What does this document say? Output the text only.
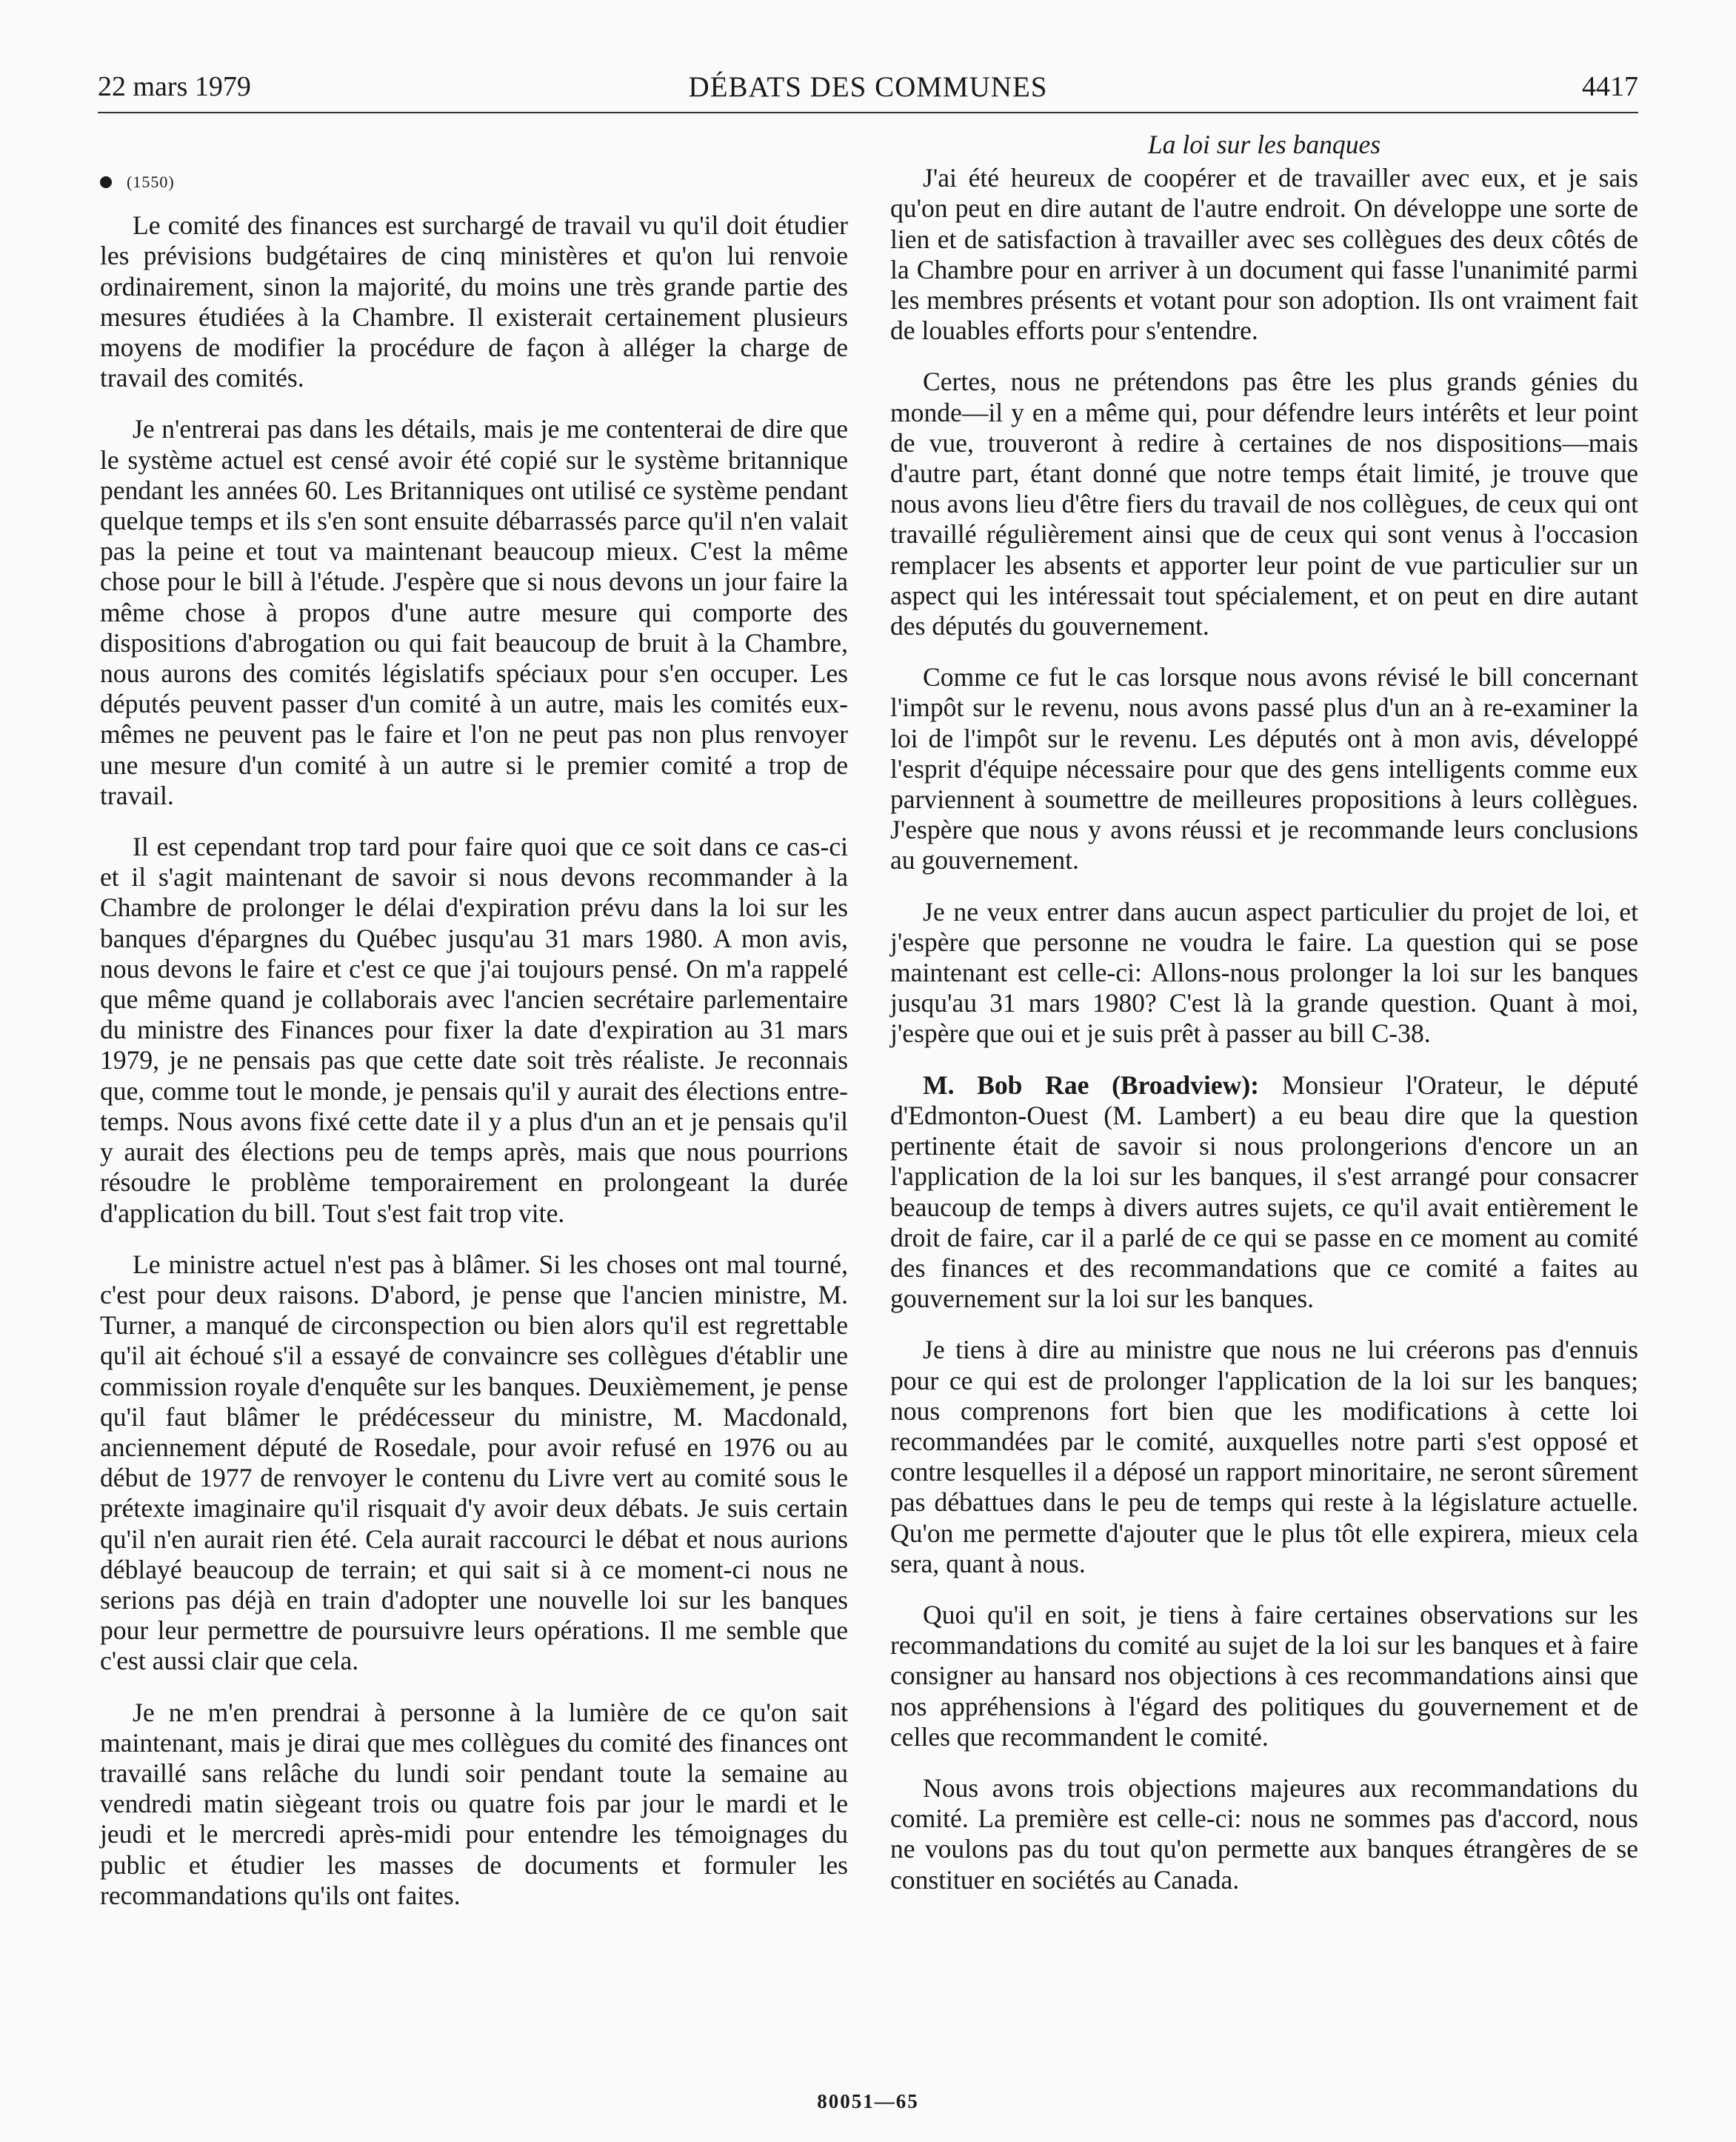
22 mars 1979	DÉBATS DES COMMUNES	4417
(1550)

Le comité des finances est surchargé de travail vu qu'il doit étudier les prévisions budgétaires de cinq ministères et qu'on lui renvoie ordinairement, sinon la majorité, du moins une très grande partie des mesures étudiées à la Chambre. Il existerait certainement plusieurs moyens de modifier la procédure de façon à alléger la charge de travail des comités.

Je n'entrerai pas dans les détails, mais je me contenterai de dire que le système actuel est censé avoir été copié sur le système britannique pendant les années 60. Les Britanniques ont utilisé ce système pendant quelque temps et ils s'en sont ensuite débarrassés parce qu'il n'en valait pas la peine et tout va maintenant beaucoup mieux. C'est la même chose pour le bill à l'étude. J'espère que si nous devons un jour faire la même chose à propos d'une autre mesure qui comporte des dispositions d'abrogation ou qui fait beaucoup de bruit à la Chambre, nous aurons des comités législatifs spéciaux pour s'en occuper. Les députés peuvent passer d'un comité à un autre, mais les comités eux-mêmes ne peuvent pas le faire et l'on ne peut pas non plus renvoyer une mesure d'un comité à un autre si le premier comité a trop de travail.

Il est cependant trop tard pour faire quoi que ce soit dans ce cas-ci et il s'agit maintenant de savoir si nous devons recommander à la Chambre de prolonger le délai d'expiration prévu dans la loi sur les banques d'épargnes du Québec jusqu'au 31 mars 1980. A mon avis, nous devons le faire et c'est ce que j'ai toujours pensé. On m'a rappelé que même quand je collaborais avec l'ancien secrétaire parlementaire du ministre des Finances pour fixer la date d'expiration au 31 mars 1979, je ne pensais pas que cette date soit très réaliste. Je reconnais que, comme tout le monde, je pensais qu'il y aurait des élections entre-temps. Nous avons fixé cette date il y a plus d'un an et je pensais qu'il y aurait des élections peu de temps après, mais que nous pourrions résoudre le problème temporairement en prolongeant la durée d'application du bill. Tout s'est fait trop vite.

Le ministre actuel n'est pas à blâmer. Si les choses ont mal tourné, c'est pour deux raisons. D'abord, je pense que l'ancien ministre, M. Turner, a manqué de circonspection ou bien alors qu'il est regrettable qu'il ait échoué s'il a essayé de convaincre ses collègues d'établir une commission royale d'enquête sur les banques. Deuxièmement, je pense qu'il faut blâmer le prédécesseur du ministre, M. Macdonald, anciennement député de Rosedale, pour avoir refusé en 1976 ou au début de 1977 de renvoyer le contenu du Livre vert au comité sous le prétexte imaginaire qu'il risquait d'y avoir deux débats. Je suis certain qu'il n'en aurait rien été. Cela aurait raccourci le débat et nous aurions déblayé beaucoup de terrain; et qui sait si à ce moment-ci nous ne serions pas déjà en train d'adopter une nouvelle loi sur les banques pour leur permettre de poursuivre leurs opérations. Il me semble que c'est aussi clair que cela.

Je ne m'en prendrai à personne à la lumière de ce qu'on sait maintenant, mais je dirai que mes collègues du comité des finances ont travaillé sans relâche du lundi soir pendant toute la semaine au vendredi matin siègeant trois ou quatre fois par jour le mardi et le jeudi et le mercredi après-midi pour entendre les témoignages du public et étudier les masses de documents et formuler les recommandations qu'ils ont faites.

La loi sur les banques

J'ai été heureux de coopérer et de travailler avec eux, et je sais qu'on peut en dire autant de l'autre endroit. On développe une sorte de lien et de satisfaction à travailler avec ses collègues des deux côtés de la Chambre pour en arriver à un document qui fasse l'unanimité parmi les membres présents et votant pour son adoption. Ils ont vraiment fait de louables efforts pour s'entendre.

Certes, nous ne prétendons pas être les plus grands génies du monde—il y en a même qui, pour défendre leurs intérêts et leur point de vue, trouveront à redire à certaines de nos dispositions—mais d'autre part, étant donné que notre temps était limité, je trouve que nous avons lieu d'être fiers du travail de nos collègues, de ceux qui ont travaillé régulièrement ainsi que de ceux qui sont venus à l'occasion remplacer les absents et apporter leur point de vue particulier sur un aspect qui les intéressait tout spécialement, et on peut en dire autant des députés du gouvernement.

Comme ce fut le cas lorsque nous avons révisé le bill concernant l'impôt sur le revenu, nous avons passé plus d'un an à re-examiner la loi de l'impôt sur le revenu. Les députés ont à mon avis, développé l'esprit d'équipe nécessaire pour que des gens intelligents comme eux parviennent à soumettre de meilleures propositions à leurs collègues. J'espère que nous y avons réussi et je recommande leurs conclusions au gouvernement.

Je ne veux entrer dans aucun aspect particulier du projet de loi, et j'espère que personne ne voudra le faire. La question qui se pose maintenant est celle-ci: Allons-nous prolonger la loi sur les banques jusqu'au 31 mars 1980? C'est là la grande question. Quant à moi, j'espère que oui et je suis prêt à passer au bill C-38.

M. Bob Rae (Broadview): Monsieur l'Orateur, le député d'Edmonton-Ouest (M. Lambert) a eu beau dire que la question pertinente était de savoir si nous prolongerions d'encore un an l'application de la loi sur les banques, il s'est arrangé pour consacrer beaucoup de temps à divers autres sujets, ce qu'il avait entièrement le droit de faire, car il a parlé de ce qui se passe en ce moment au comité des finances et des recommandations que ce comité a faites au gouvernement sur la loi sur les banques.

Je tiens à dire au ministre que nous ne lui créerons pas d'ennuis pour ce qui est de prolonger l'application de la loi sur les banques; nous comprenons fort bien que les modifications à cette loi recommandées par le comité, auxquelles notre parti s'est opposé et contre lesquelles il a déposé un rapport minoritaire, ne seront sûrement pas débattues dans le peu de temps qui reste à la législature actuelle. Qu'on me permette d'ajouter que le plus tôt elle expirera, mieux cela sera, quant à nous.

Quoi qu'il en soit, je tiens à faire certaines observations sur les recommandations du comité au sujet de la loi sur les banques et à faire consigner au hansard nos objections à ces recommandations ainsi que nos appréhensions à l'égard des politiques du gouvernement et de celles que recommandent le comité.

Nous avons trois objections majeures aux recommandations du comité. La première est celle-ci: nous ne sommes pas d'accord, nous ne voulons pas du tout qu'on permette aux banques étrangères de se constituer en sociétés au Canada.

80051—65
